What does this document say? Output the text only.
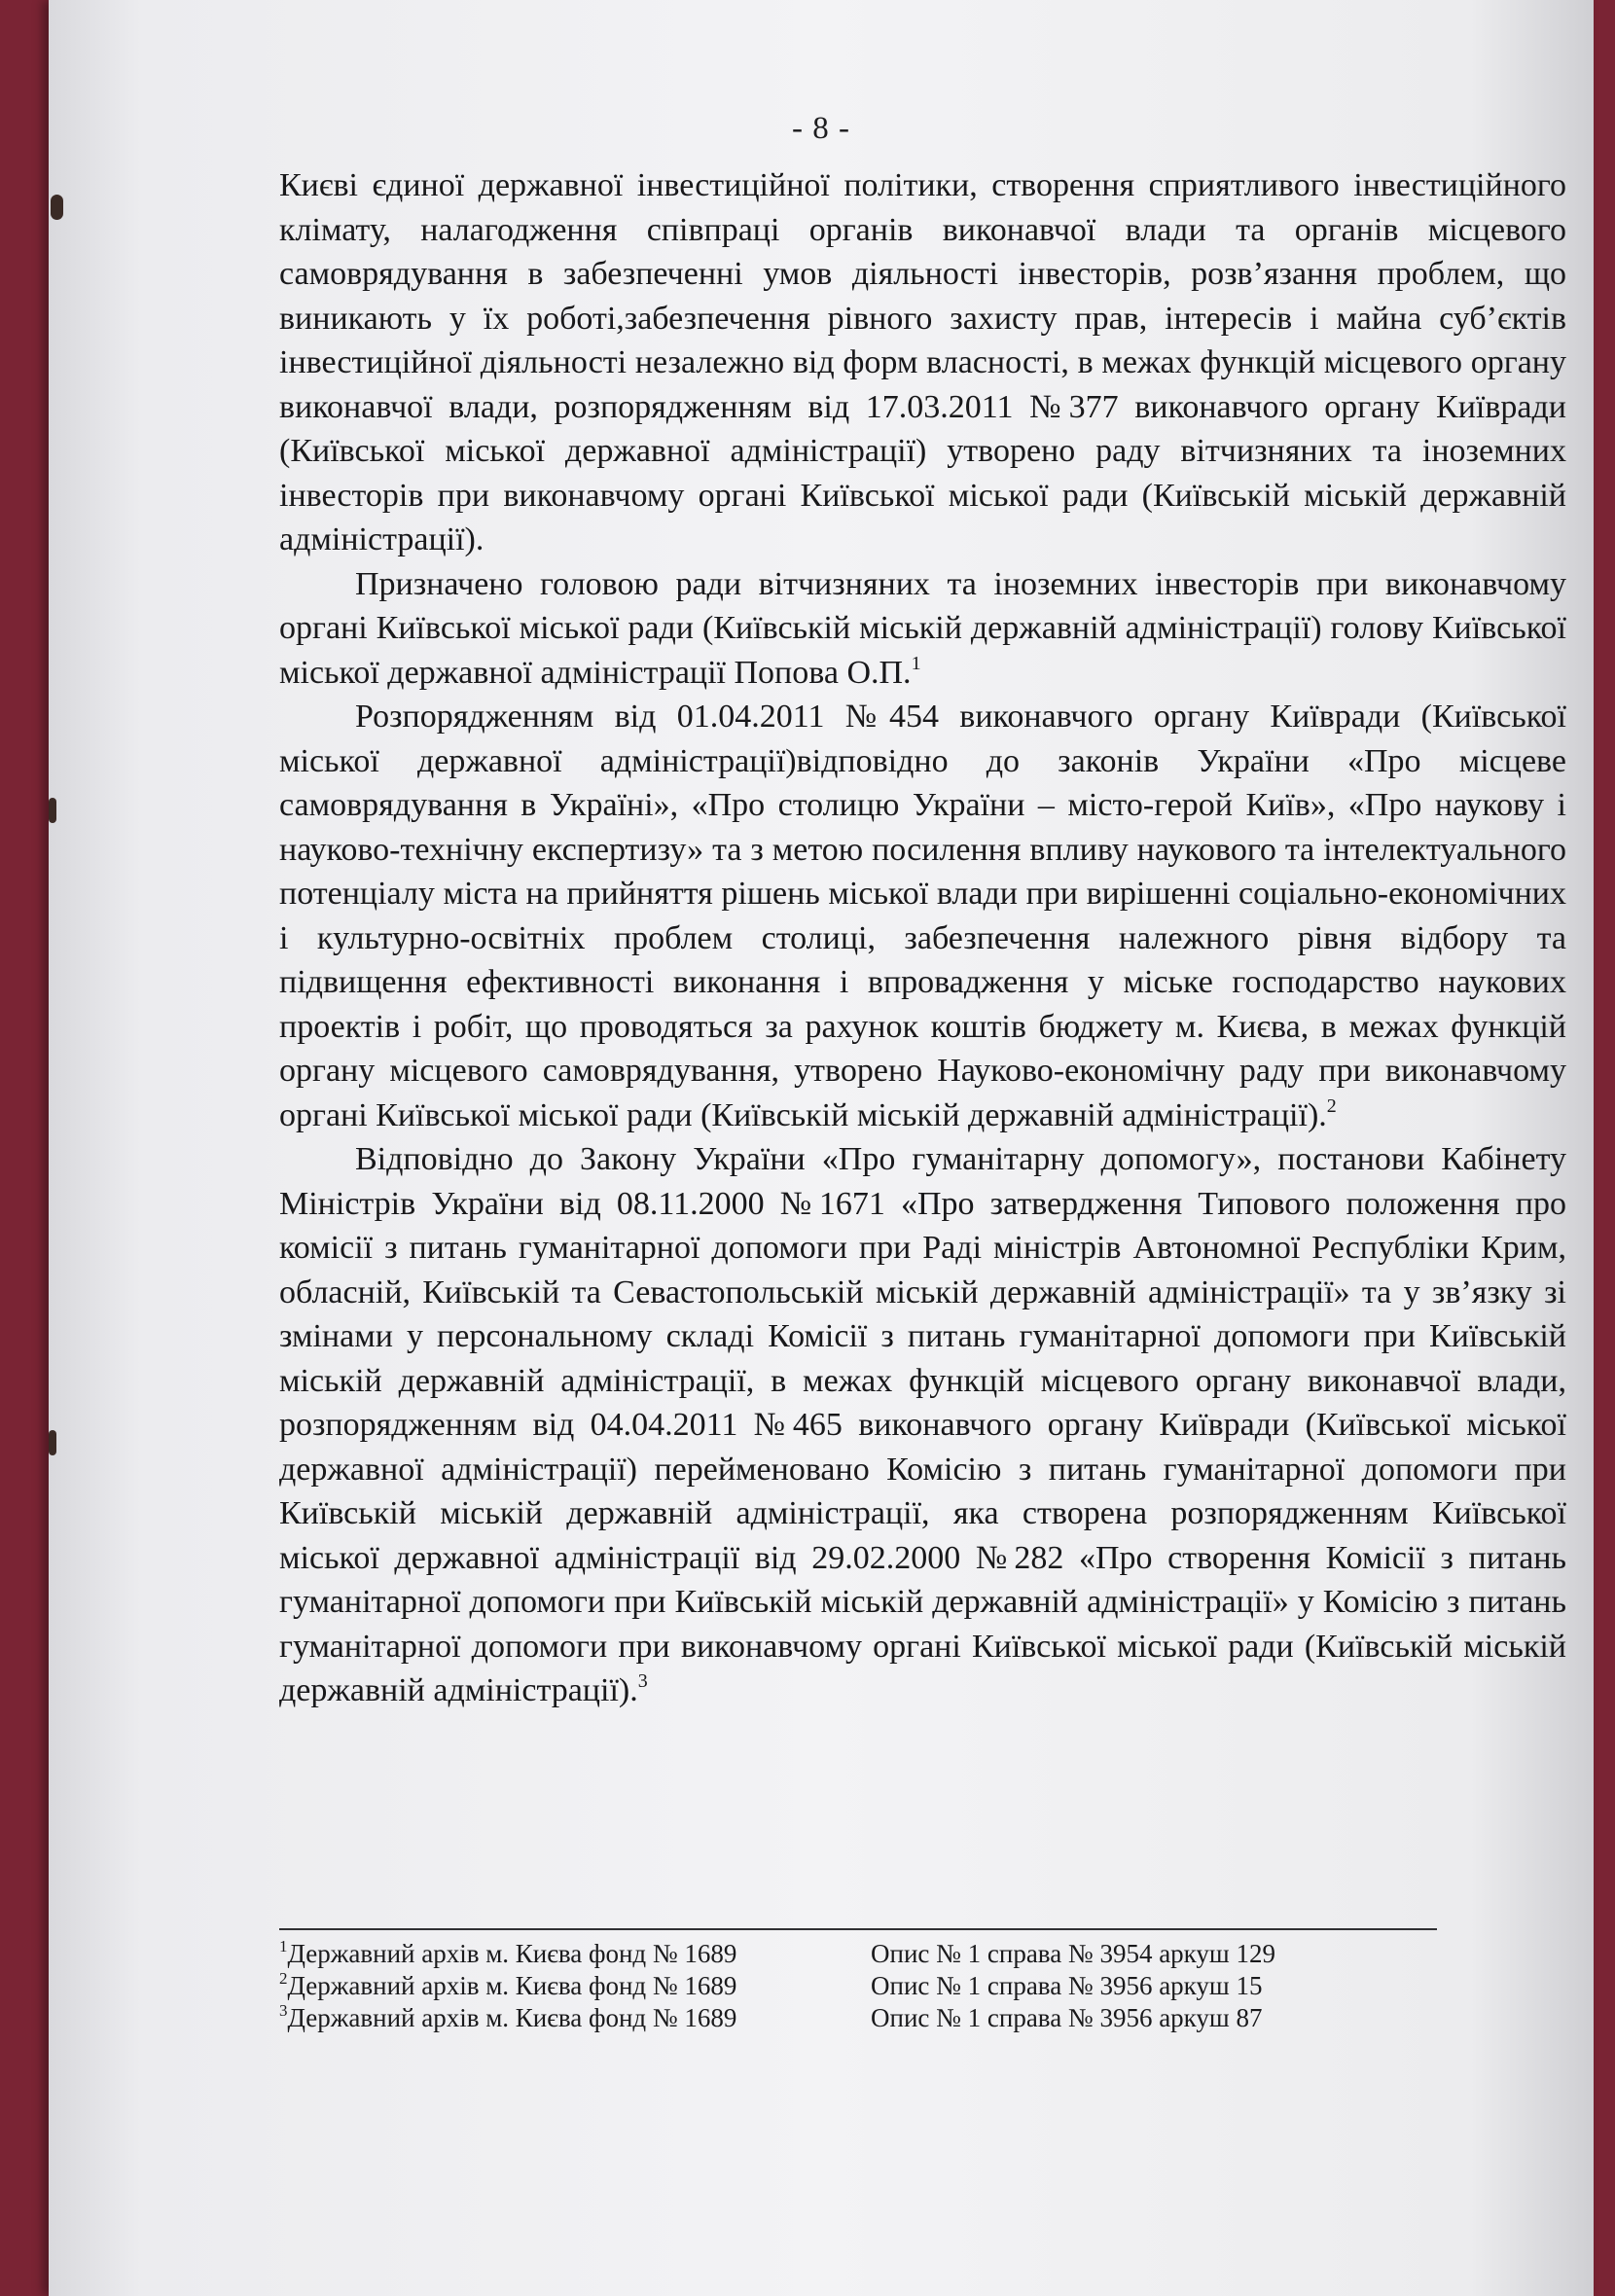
- 8 -

Києві єдиної державної інвестиційної політики, створення сприятливого інвестиційного клімату, налагодження співпраці органів виконавчої влади та органів місцевого самоврядування в забезпеченні умов діяльності інвесторів, розв’язання проблем, що виникають у їх роботі,забезпечення рівного захисту прав, інтересів і майна суб’єктів інвестиційної діяльності незалежно від форм власності, в межах функцій місцевого органу виконавчої влади, розпорядженням від 17.03.2011 №377 виконавчого органу Київради (Київської міської державної адміністрації) утворено раду вітчизняних та іноземних інвесторів при виконавчому органі Київської міської ради (Київській міській державній адміністрації).

Призначено головою ради вітчизняних та іноземних інвесторів при виконавчому органі Київської міської ради (Київській міській державній адміністрації) голову Київської міської державної адміністрації Попова О.П.$^1$

Розпорядженням від 01.04.2011 №454 виконавчого органу Київради (Київської міської державної адміністрації)відповідно до законів України «Про місцеве самоврядування в Україні», «Про столицю України – місто-герой Київ», «Про наукову і науково-технічну експертизу» та з метою посилення впливу наукового та інтелектуального потенціалу міста на прийняття рішень міської влади при вирішенні соціально-економічних і культурно-освітніх проблем столиці, забезпечення належного рівня відбору та підвищення ефективності виконання і впровадження у міське господарство наукових проектів і робіт, що проводяться за рахунок коштів бюджету м. Києва, в межах функцій органу місцевого самоврядування, утворено Науково-економічну раду при виконавчому органі Київської міської ради (Київській міській державній адміністрації).$^2$

Відповідно до Закону України «Про гуманітарну допомогу», постанови Кабінету Міністрів України від 08.11.2000 №1671 «Про затвердження Типового положення про комісії з питань гуманітарної допомоги при Раді міністрів Автономної Республіки Крим, обласній, Київській та Севастопольській міській державній адміністрації» та у зв’язку зі змінами у персональному складі Комісії з питань гуманітарної допомоги при Київській міській державній адміністрації, в межах функцій місцевого органу виконавчої влади, розпорядженням від 04.04.2011 №465 виконавчого органу Київради (Київської міської державної адміністрації) перейменовано Комісію з питань гуманітарної допомоги при Київській міській державній адміністрації, яка створена розпорядженням Київської міської державної адміністрації від 29.02.2000 №282 «Про створення Комісії з питань гуманітарної допомоги при Київській міській державній адміністрації» у Комісію з питань гуманітарної допомоги при виконавчому органі Київської міської ради (Київській міській державній адміністрації).$^3$

$^1$Державний архів м. Києва фонд № 1689	Опис № 1 справа № 3954 аркуш 129
$^2$Державний архів м. Києва фонд № 1689	Опис № 1 справа № 3956 аркуш 15
$^3$Державний архів м. Києва фонд № 1689	Опис № 1 справа № 3956 аркуш 87
